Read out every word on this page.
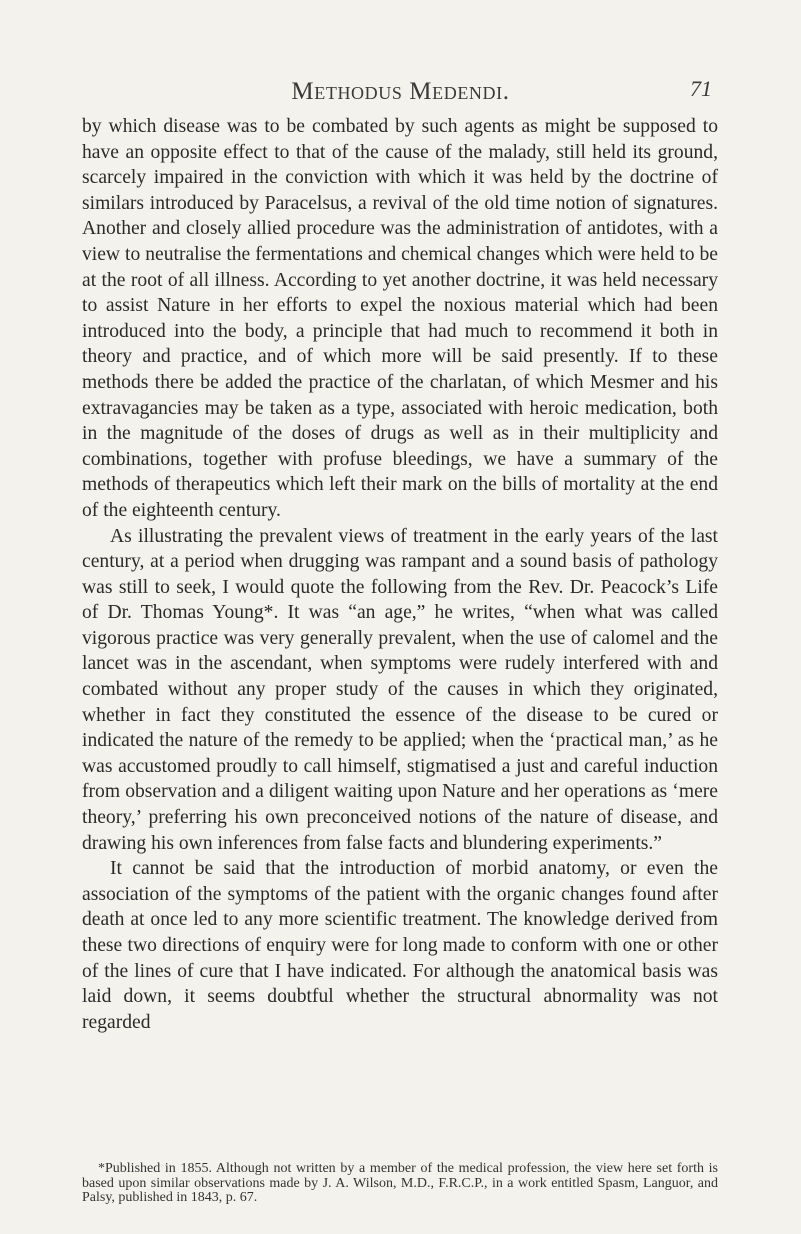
Methodus Medendi.	71

by which disease was to be combated by such agents as might be supposed to have an opposite effect to that of the cause of the malady, still held its ground, scarcely impaired in the conviction with which it was held by the doctrine of similars introduced by Paracelsus, a revival of the old time notion of signatures. Another and closely allied procedure was the administration of antidotes, with a view to neutralise the fermentations and chemical changes which were held to be at the root of all illness. According to yet another doctrine, it was held necessary to assist Nature in her efforts to expel the noxious material which had been introduced into the body, a principle that had much to recommend it both in theory and practice, and of which more will be said presently. If to these methods there be added the practice of the charlatan, of which Mesmer and his extravagancies may be taken as a type, associated with heroic medication, both in the magnitude of the doses of drugs as well as in their multiplicity and combinations, together with profuse bleedings, we have a summary of the methods of therapeutics which left their mark on the bills of mortality at the end of the eighteenth century.

As illustrating the prevalent views of treatment in the early years of the last century, at a period when drugging was rampant and a sound basis of pathology was still to seek, I would quote the following from the Rev. Dr. Peacock’s Life of Dr. Thomas Young*. It was “an age,” he writes, “when what was called vigorous practice was very generally prevalent, when the use of calomel and the lancet was in the ascendant, when symptoms were rudely interfered with and combated without any proper study of the causes in which they originated, whether in fact they constituted the essence of the disease to be cured or indicated the nature of the remedy to be applied; when the ‘practical man,’ as he was accustomed proudly to call himself, stigmatised a just and careful induction from observation and a diligent waiting upon Nature and her operations as ‘mere theory,’ preferring his own preconceived notions of the nature of disease, and drawing his own inferences from false facts and blundering experiments.”

It cannot be said that the introduction of morbid anatomy, or even the association of the symptoms of the patient with the organic changes found after death at once led to any more scientific treatment. The knowledge derived from these two directions of enquiry were for long made to conform with one or other of the lines of cure that I have indicated. For although the anatomical basis was laid down, it seems doubtful whether the structural abnormality was not regarded

*Published in 1855. Although not written by a member of the medical profession, the view here set forth is based upon similar observations made by J. A. Wilson, M.D., F.R.C.P., in a work entitled Spasm, Languor, and Palsy, published in 1843, p. 67.
